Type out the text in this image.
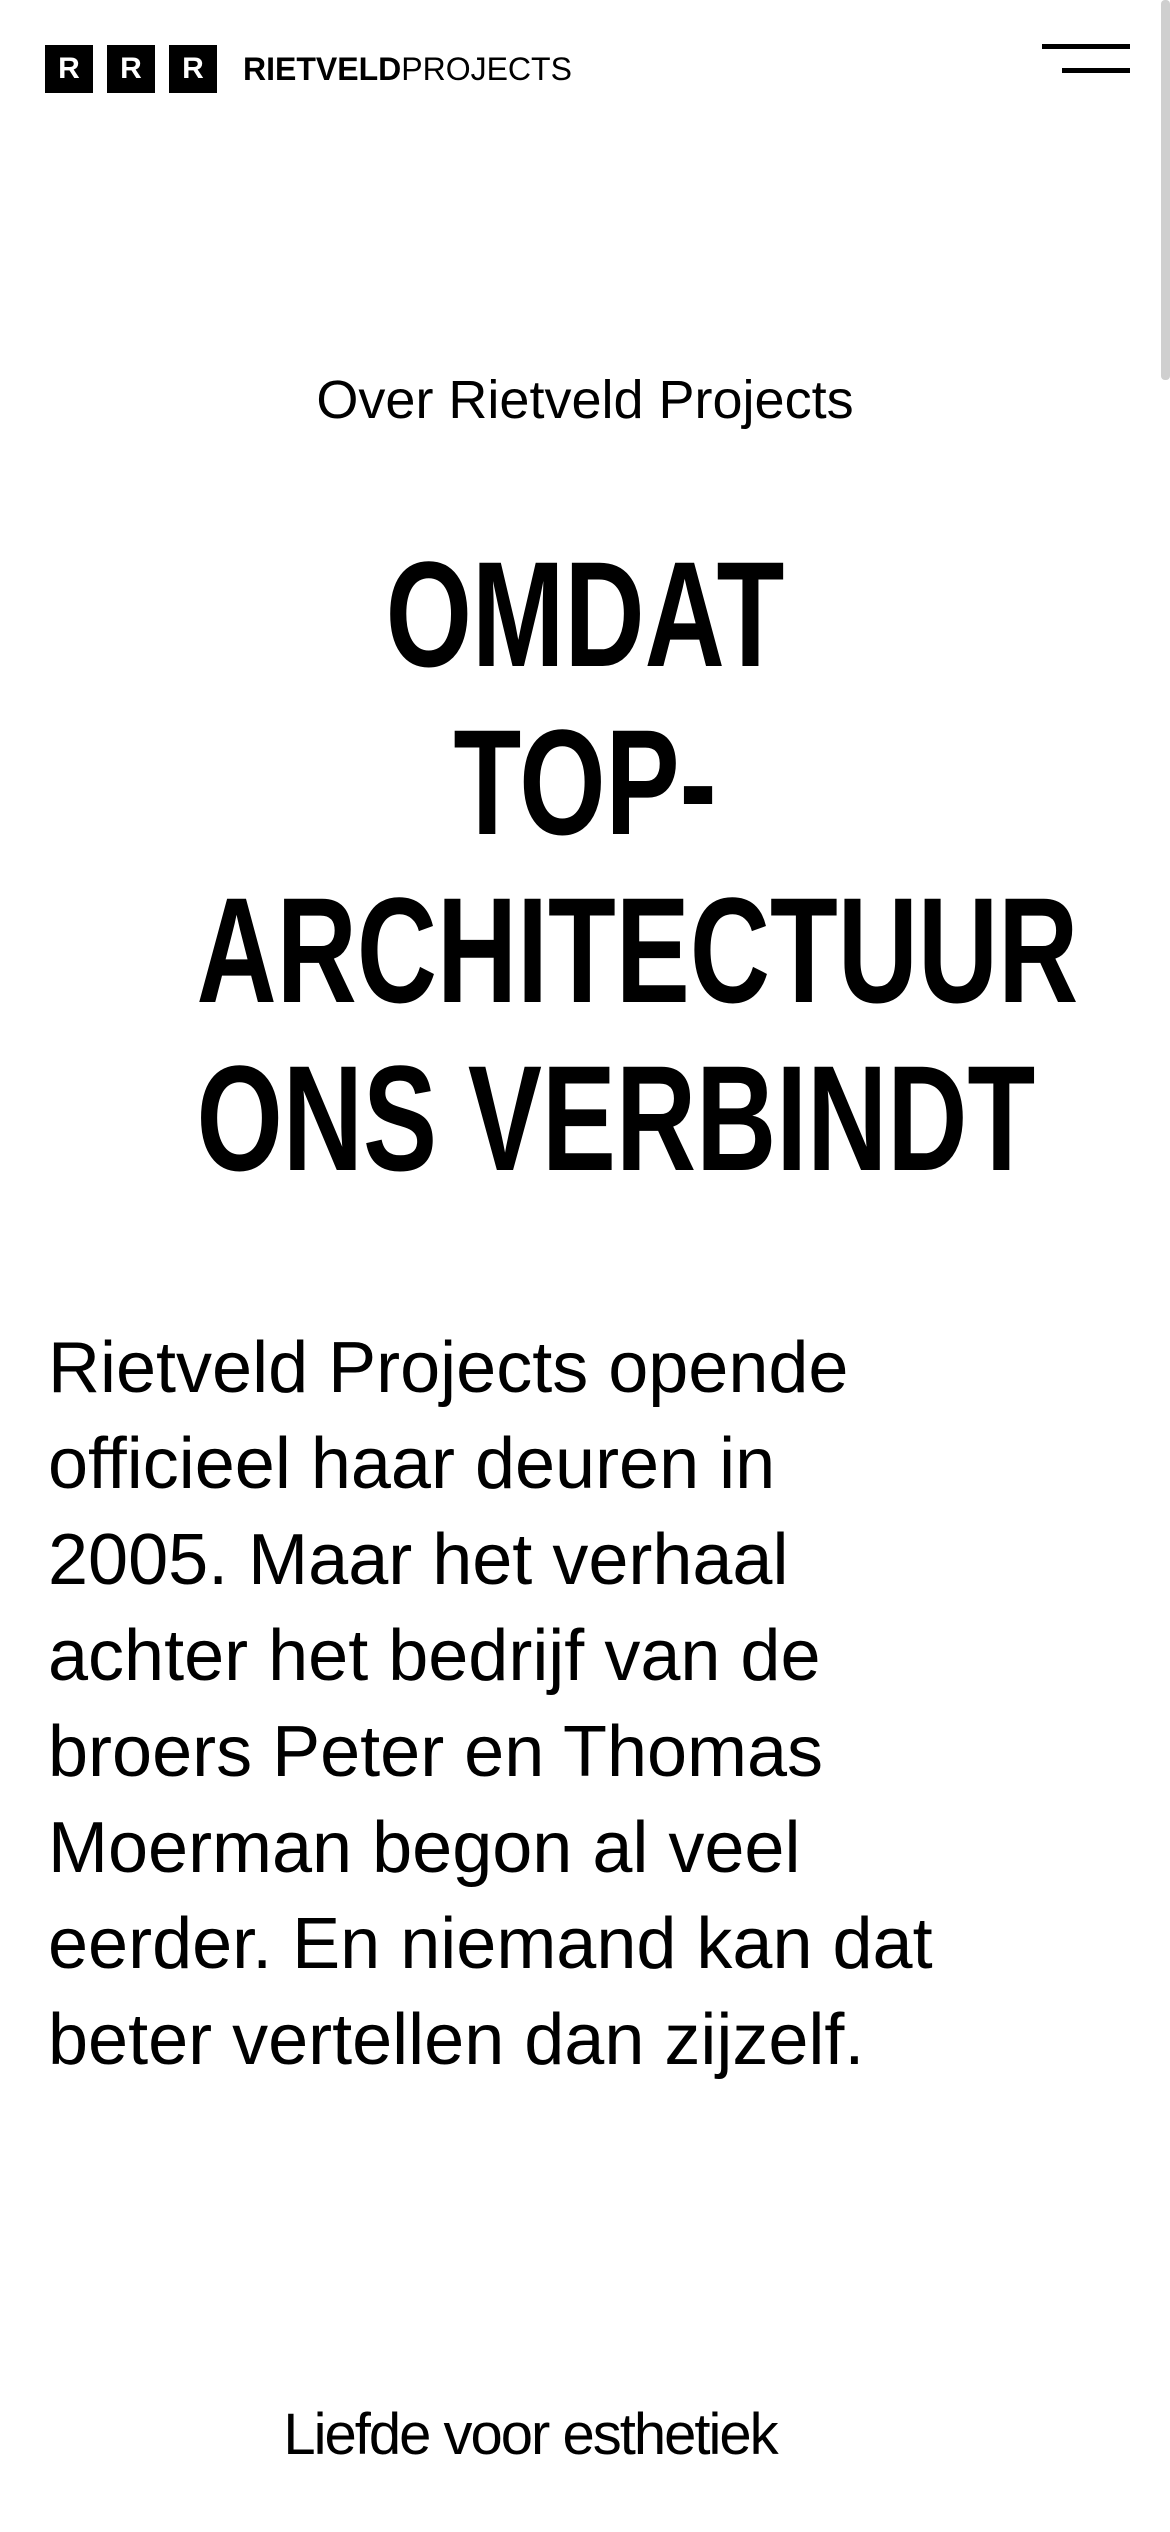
R	R	R	RIETVELDPROJECTS
Over Rietveld Projects
OMDAT
TOP-
ARCHITECTUUR
ONS VERBINDT

Rietveld Projects opende officieel haar deuren in 2005. Maar het verhaal achter het bedrijf van de broers Peter en Thomas Moerman begon al veel eerder. En niemand kan dat beter vertellen dan zijzelf.

Liefde voor esthetiek
